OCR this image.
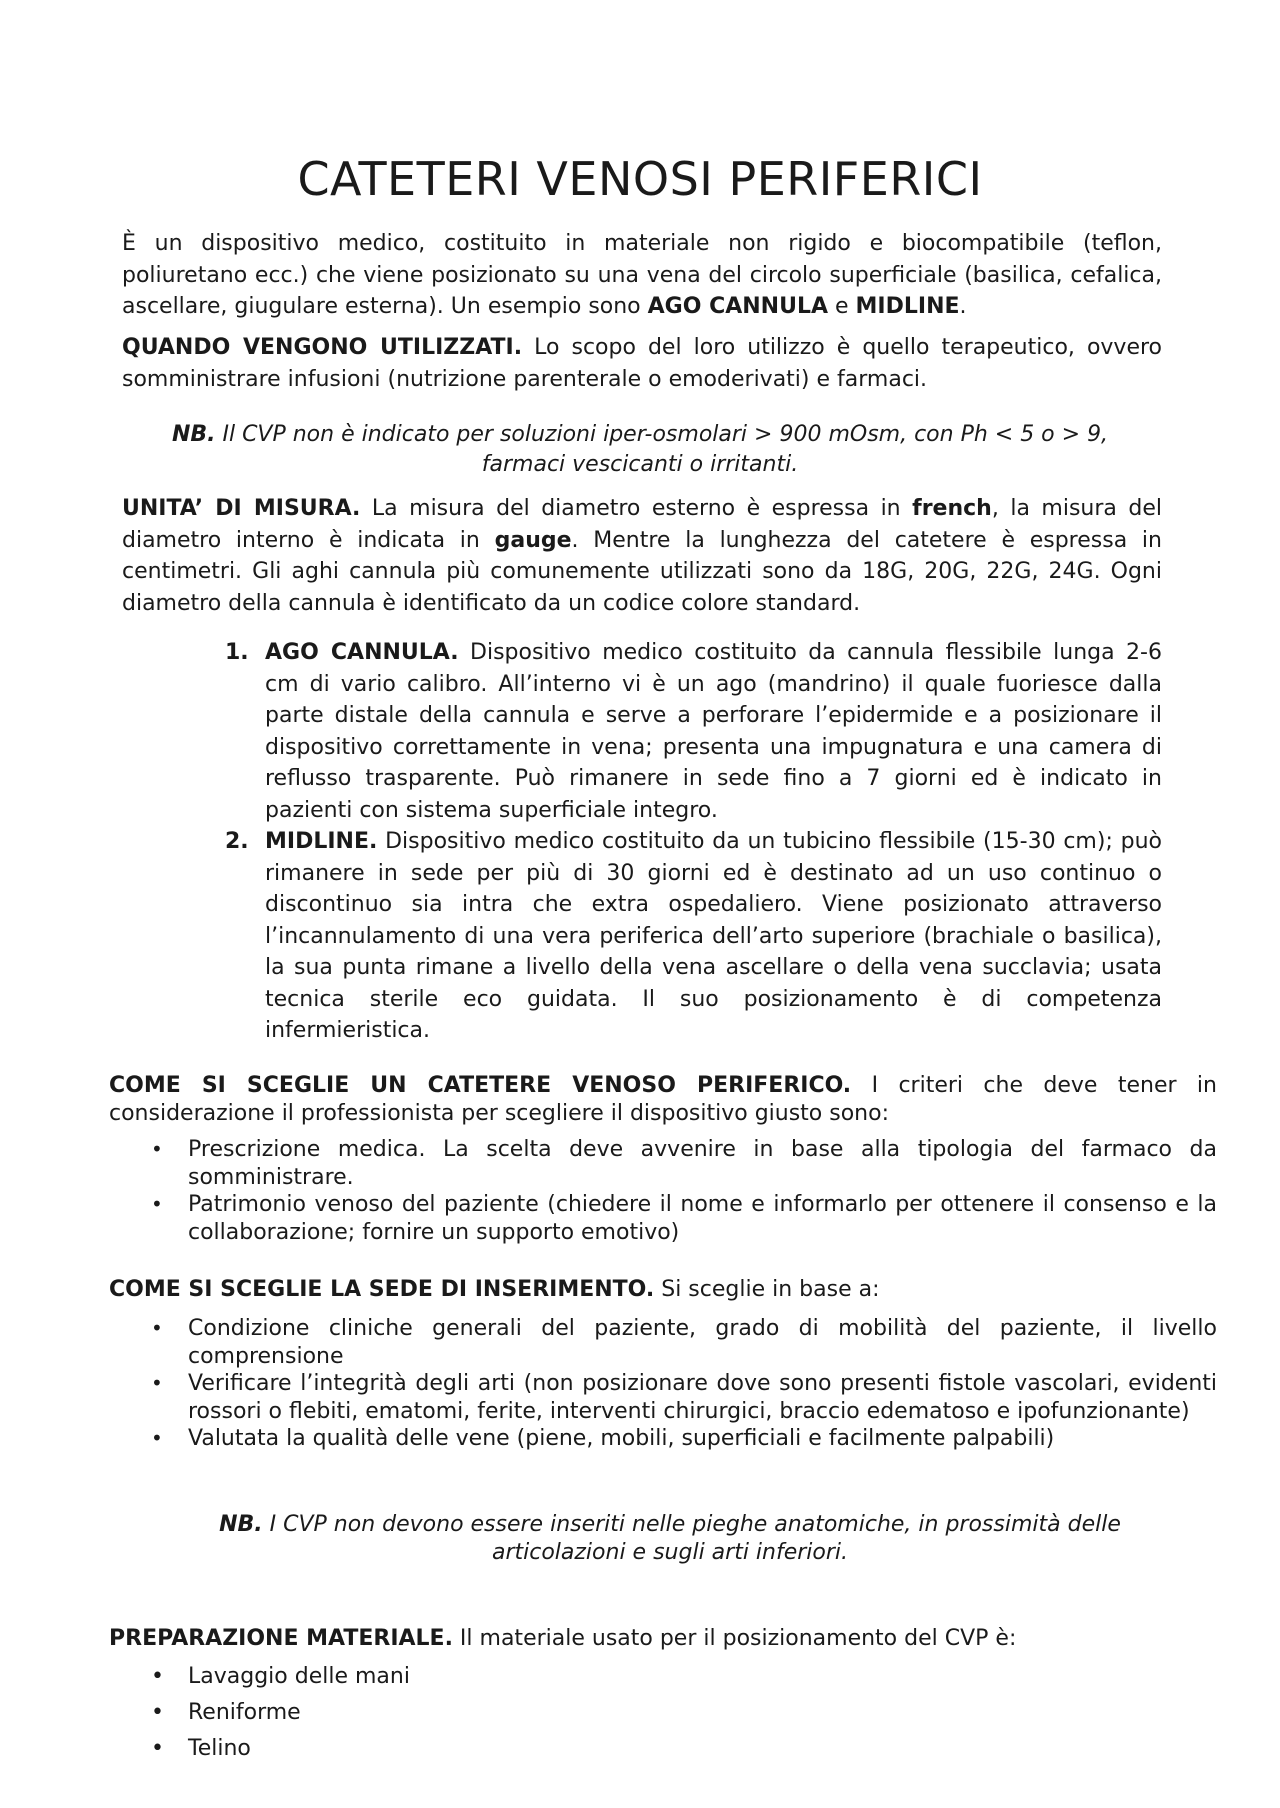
CATETERI VENOSI PERIFERICI

È un dispositivo medico, costituito in materiale non rigido e biocompatibile (teflon, poliuretano ecc.) che viene posizionato su una vena del circolo superficiale (basilica, cefalica, ascellare, giugulare esterna). Un esempio sono AGO CANNULA e MIDLINE.

QUANDO VENGONO UTILIZZATI. Lo scopo del loro utilizzo è quello terapeutico, ovvero somministrare infusioni (nutrizione parenterale o emoderivati) e farmaci.

NB. Il CVP non è indicato per soluzioni iper-osmolari > 900 mOsm, con Ph < 5 o > 9, farmaci vescicanti o irritanti.

UNITA’ DI MISURA. La misura del diametro esterno è espressa in french, la misura del diametro interno è indicata in gauge. Mentre la lunghezza del catetere è espressa in centimetri. Gli aghi cannula più comunemente utilizzati sono da 18G, 20G, 22G, 24G. Ogni diametro della cannula è identificato da un codice colore standard.

1. AGO CANNULA. Dispositivo medico costituito da cannula flessibile lunga 2-6 cm di vario calibro. All’interno vi è un ago (mandrino) il quale fuoriesce dalla parte distale della cannula e serve a perforare l’epidermide e a posizionare il dispositivo correttamente in vena; presenta una impugnatura e una camera di reflusso trasparente. Può rimanere in sede fino a 7 giorni ed è indicato in pazienti con sistema superficiale integro.
2. MIDLINE. Dispositivo medico costituito da un tubicino flessibile (15-30 cm); può rimanere in sede per più di 30 giorni ed è destinato ad un uso continuo o discontinuo sia intra che extra ospedaliero. Viene posizionato attraverso l’incannulamento di una vera periferica dell’arto superiore (brachiale o basilica), la sua punta rimane a livello della vena ascellare o della vena succlavia; usata tecnica sterile eco guidata. Il suo posizionamento è di competenza infermieristica.

COME SI SCEGLIE UN CATETERE VENOSO PERIFERICO. I criteri che deve tener in considerazione il professionista per scegliere il dispositivo giusto sono:

• Prescrizione medica. La scelta deve avvenire in base alla tipologia del farmaco da somministrare.
• Patrimonio venoso del paziente (chiedere il nome e informarlo per ottenere il consenso e la collaborazione; fornire un supporto emotivo)

COME SI SCEGLIE LA SEDE DI INSERIMENTO. Si sceglie in base a:

• Condizione cliniche generali del paziente, grado di mobilità del paziente, il livello comprensione
• Verificare l’integrità degli arti (non posizionare dove sono presenti fistole vascolari, evidenti rossori o flebiti, ematomi, ferite, interventi chirurgici, braccio edematoso e ipofunzionante)
• Valutata la qualità delle vene (piene, mobili, superficiali e facilmente palpabili)

NB. I CVP non devono essere inseriti nelle pieghe anatomiche, in prossimità delle articolazioni e sugli arti inferiori.

PREPARAZIONE MATERIALE. Il materiale usato per il posizionamento del CVP è:

• Lavaggio delle mani
• Reniforme
• Telino
